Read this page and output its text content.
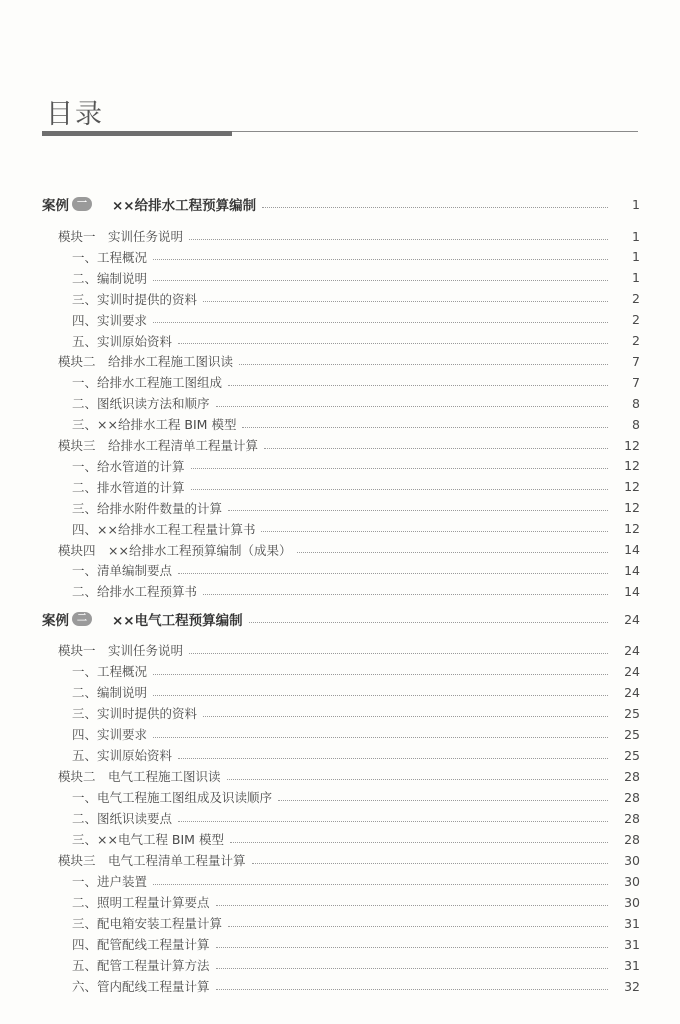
目录
案例 一	××给排水工程预算编制	1
模块一　实训任务说明	1
一、工程概况	1
二、编制说明	1
三、实训时提供的资料	2
四、实训要求	2
五、实训原始资料	2
模块二　给排水工程施工图识读	7
一、给排水工程施工图组成	7
二、图纸识读方法和顺序	8
三、××给排水工程 BIM 模型	8
模块三　给排水工程清单工程量计算	12
一、给水管道的计算	12
二、排水管道的计算	12
三、给排水附件数量的计算	12
四、××给排水工程工程量计算书	12
模块四　××给排水工程预算编制（成果）	14
一、清单编制要点	14
二、给排水工程预算书	14
案例 二	××电气工程预算编制	24
模块一　实训任务说明	24
一、工程概况	24
二、编制说明	24
三、实训时提供的资料	25
四、实训要求	25
五、实训原始资料	25
模块二　电气工程施工图识读	28
一、电气工程施工图组成及识读顺序	28
二、图纸识读要点	28
三、××电气工程 BIM 模型	28
模块三　电气工程清单工程量计算	30
一、进户装置	30
二、照明工程量计算要点	30
三、配电箱安装工程量计算	31
四、配管配线工程量计算	31
五、配管工程量计算方法	31
六、管内配线工程量计算	32
